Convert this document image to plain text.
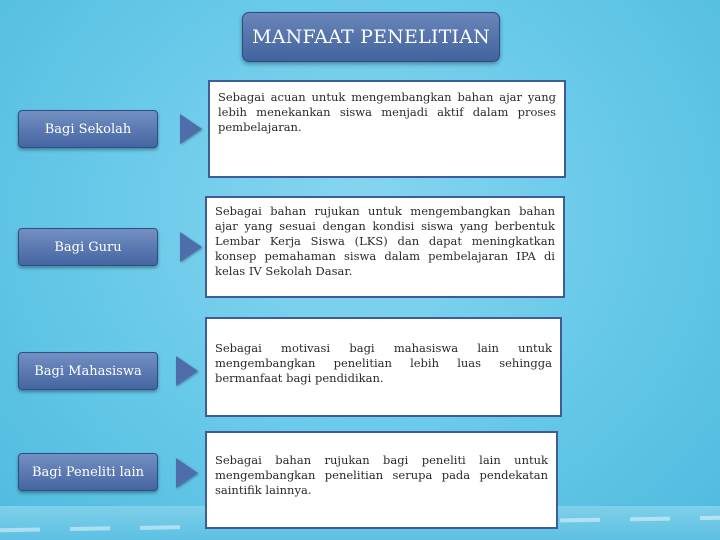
MANFAAT PENELITIAN
Bagi Sekolah
Sebagai acuan untuk mengembangkan bahan ajar yang lebih menekankan siswa menjadi aktif dalam proses pembelajaran.
Bagi Guru
Sebagai bahan rujukan untuk mengembangkan bahan ajar yang sesuai dengan kondisi siswa yang berbentuk Lembar Kerja Siswa (LKS) dan dapat meningkatkan konsep pemahaman siswa dalam pembelajaran IPA di kelas IV Sekolah Dasar.
Bagi Mahasiswa
Sebagai motivasi bagi mahasiswa lain untuk mengembangkan penelitian lebih luas sehingga bermanfaat bagi pendidikan.
Bagi Peneliti lain
Sebagai bahan rujukan bagi peneliti lain untuk mengembangkan penelitian serupa pada pendekatan saintifik lainnya.
